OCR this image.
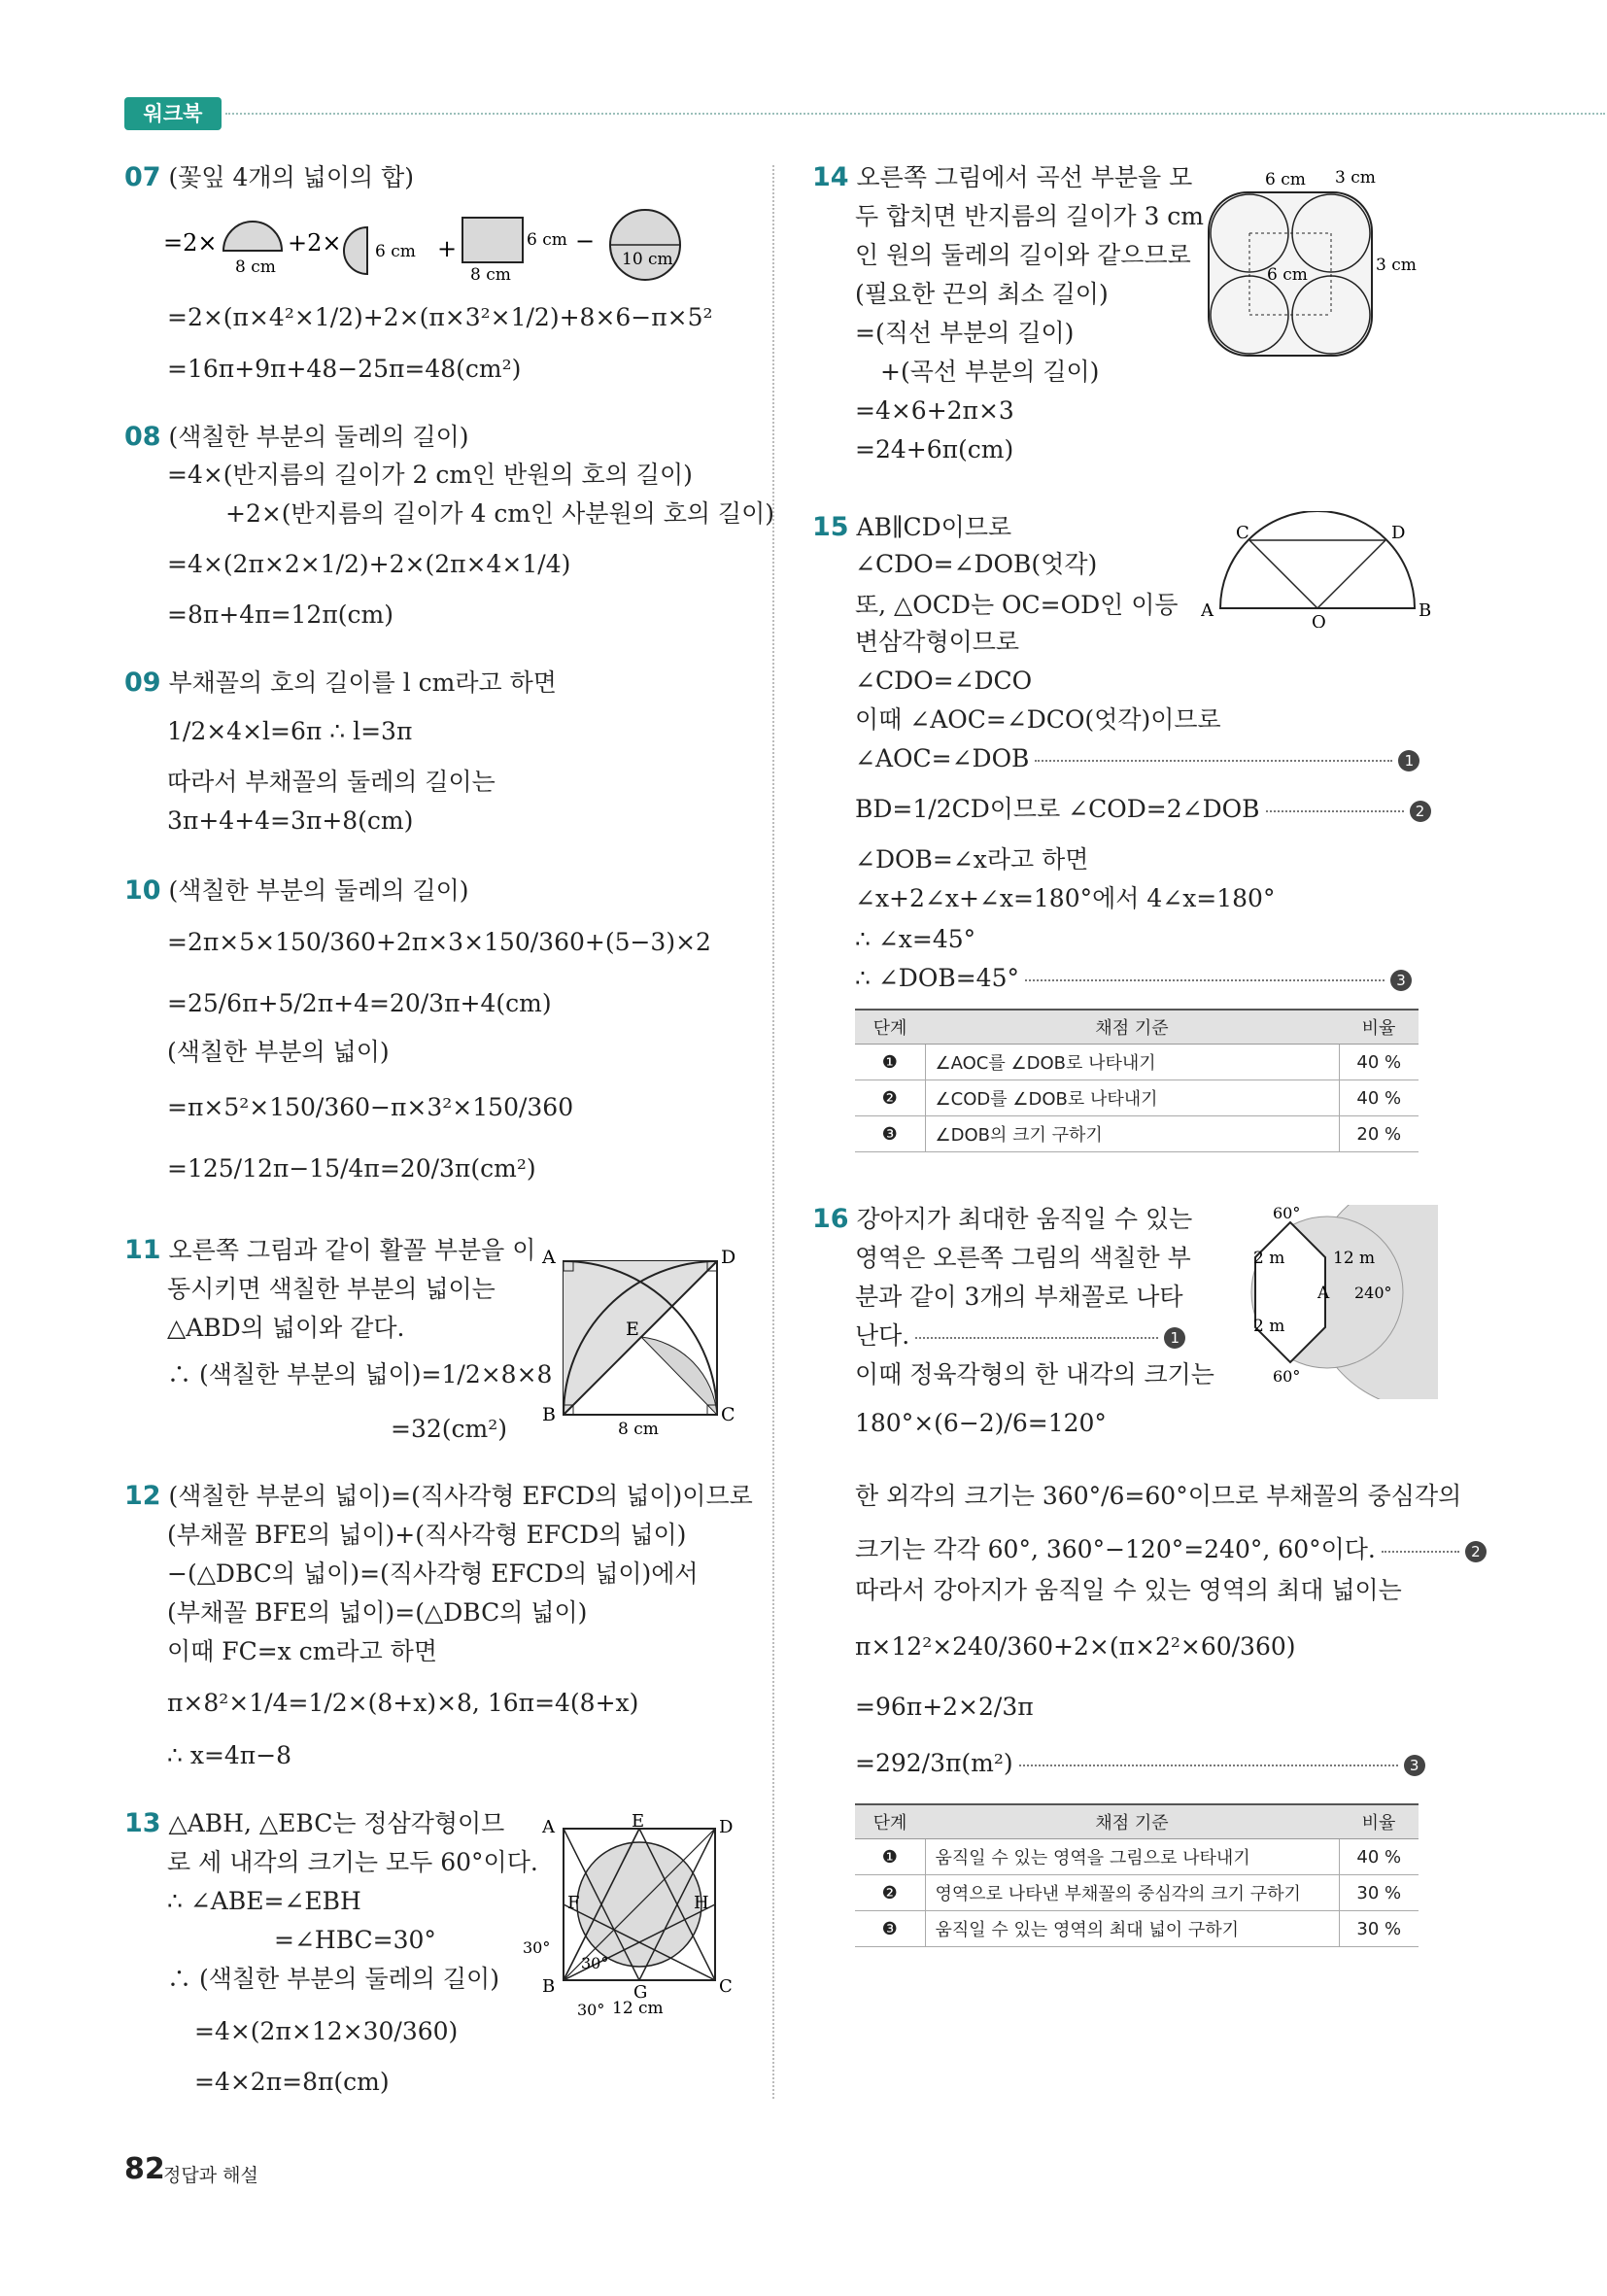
워크북
07 (꽃잎 4개의 넓이의 합)
=2×
8 cm
+2× 6 cm +	6 cm
8 cm
−
10 cm
=2×(π×4²×1/2)+2×(π×3²×1/2)+8×6−π×5²
=16π+9π+48−25π=48(cm²)
08 (색칠한 부분의 둘레의 길이)
=4×(반지름의 길이가 2 cm인 반원의 호의 길이)
+2×(반지름의 길이가 4 cm인 사분원의 호의 길이)
=4×(2π×2×1/2)+2×(2π×4×1/4)
=8π+4π=12π(cm)
09 부채꼴의 호의 길이를 l cm라고 하면
1/2×4×l=6π ∴ l=3π
따라서 부채꼴의 둘레의 길이는
3π+4+4=3π+8(cm)
10 (색칠한 부분의 둘레의 길이)
=2π×5×150/360+2π×3×150/360+(5−3)×2
=25/6π+5/2π+4=20/3π+4(cm)
(색칠한 부분의 넓이)
=π×5²×150/360−π×3²×150/360
=125/12π−15/4π=20/3π(cm²)
11 오른쪽 그림과 같이 활꼴 부분을 이
동시키면 색칠한 부분의 넓이는
△ABD의 넓이와 같다.
∴ (색칠한 부분의 넓이)=1/2×8×8
=32(cm²)
A	D
E
B	C
8 cm
12 (색칠한 부분의 넓이)=(직사각형 EFCD의 넓이)이므로
(부채꼴 BFE의 넓이)+(직사각형 EFCD의 넓이)
−(△DBC의 넓이)=(직사각형 EFCD의 넓이)에서
(부채꼴 BFE의 넓이)=(△DBC의 넓이)
이때 FC=x cm라고 하면
π×8²×1/4=1/2×(8+x)×8, 16π=4(8+x)
∴ x=4π−8
13 △ABH, △EBC는 정삼각형이므
로 세 내각의 크기는 모두 60°이다.
∴ ∠ABE=∠EBH
=∠HBC=30°
∴ (색칠한 부분의 둘레의 길이)
=4×(2π×12×30/360)
=4×2π=8π(cm)
A	E	D
F	H
B	G	C
30°
30°
30° 12 cm
14 오른쪽 그림에서 곡선 부분을 모
두 합치면 반지름의 길이가 3 cm
인 원의 둘레의 길이와 같으므로
(필요한 끈의 최소 길이)
=(직선 부분의 길이)
+(곡선 부분의 길이)
=4×6+2π×3
=24+6π(cm)
6 cm 3 cm
6 cm	3 cm
15 AB∥CD이므로
∠CDO=∠DOB(엇각)
또, △OCD는 OC=OD인 이등
변삼각형이므로
∠CDO=∠DCO
이때 ∠AOC=∠DCO(엇각)이므로
∠AOC=∠DOB	1
BD=1/2CD이므로 ∠COD=2∠DOB	2
∠DOB=∠x라고 하면
∠x+2∠x+∠x=180°에서 4∠x=180°
∴ ∠x=45°
∴ ∠DOB=45°	3
C	D
A
O
B
단계	채점 기준	비율
❶	∠AOC를 ∠DOB로 나타내기	40 %
❷	∠COD를 ∠DOB로 나타내기	40 %
❸	∠DOB의 크기 구하기	20 %
16 강아지가 최대한 움직일 수 있는
영역은 오른쪽 그림의 색칠한 부
분과 같이 3개의 부채꼴로 나타
난다.	1
이때 정육각형의 한 내각의 크기는
180°×(6−2)/6=120°
한 외각의 크기는 360°/6=60°이므로 부채꼴의 중심각의
크기는 각각 60°, 360°−120°=240°, 60°이다.	2
따라서 강아지가 움직일 수 있는 영역의 최대 넓이는
π×12²×240/360+2×(π×2²×60/360)
=96π+2×2/3π
=292/3π(m²)	3
60°
2 m	12 m
A 240°
2 m
60°
단계	채점 기준	비율
❶	움직일 수 있는 영역을 그림으로 나타내기	40 %
❷	영역으로 나타낸 부채꼴의 중심각의 크기 구하기	30 %
❸	움직일 수 있는 영역의 최대 넓이 구하기	30 %
82
정답과 해설
